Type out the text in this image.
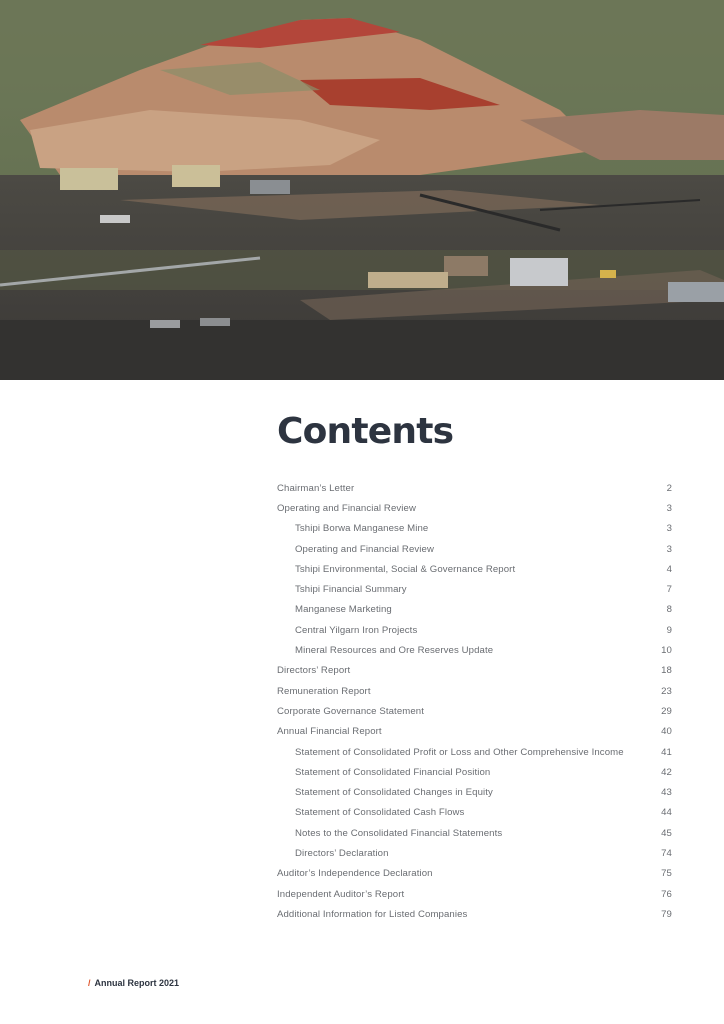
Contents
Chairman’s Letter	2
Operating and Financial Review	3
Tshipi Borwa Manganese Mine	3
Operating and Financial Review	3
Tshipi Environmental, Social & Governance Report	4
Tshipi Financial Summary	7
Manganese Marketing	8
Central Yilgarn Iron Projects	9
Mineral Resources and Ore Reserves Update	10
Directors’ Report	18
Remuneration Report	23
Corporate Governance Statement	29
Annual Financial Report	40
Statement of Consolidated Profit or Loss and Other Comprehensive Income	41
Statement of Consolidated Financial Position	42
Statement of Consolidated Changes in Equity	43
Statement of Consolidated Cash Flows	44
Notes to the Consolidated Financial Statements	45
Directors’ Declaration	74
Auditor’s Independence Declaration	75
Independent Auditor’s Report	76
Additional Information for Listed Companies	79
/ Annual Report 2021
